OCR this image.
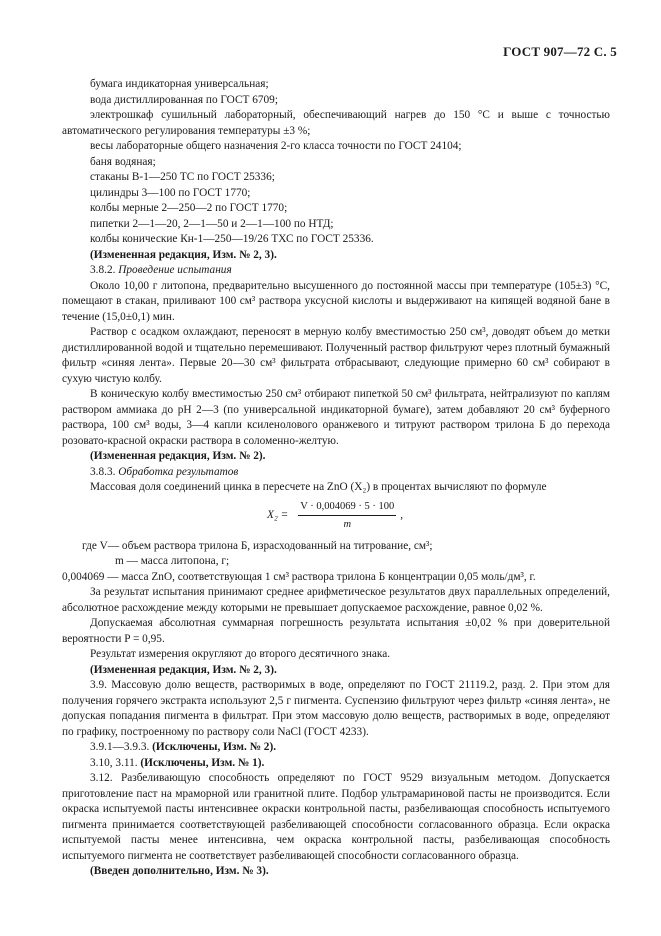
ГОСТ 907—72 С. 5

бумага индикаторная универсальная;

вода дистиллированная по ГОСТ 6709;

электрошкаф сушильный лабораторный, обеспечивающий нагрев до 150 °С и выше с точностью автоматического регулирования температуры ±3 %;

весы лабораторные общего назначения 2-го класса точности по ГОСТ 24104;

баня водяная;

стаканы В-1—250 ТС по ГОСТ 25336;

цилиндры 3—100 по ГОСТ 1770;

колбы мерные 2—250—2 по ГОСТ 1770;

пипетки 2—1—20, 2—1—50 и 2—1—100 по НТД;

колбы конические Кн-1—250—19/26 ТХС по ГОСТ 25336.

(Измененная редакция, Изм. № 2, 3).

3.8.2. Проведение испытания

Около 10,00 г литопона, предварительно высушенного до постоянной массы при температуре (105±3) °С, помещают в стакан, приливают 100 см³ раствора уксусной кислоты и выдерживают на кипящей водяной бане в течение (15,0±0,1) мин.

Раствор с осадком охлаждают, переносят в мерную колбу вместимостью 250 см³, доводят объем до метки дистиллированной водой и тщательно перемешивают. Полученный раствор фильтруют через плотный бумажный фильтр «синяя лента». Первые 20—30 см³ фильтрата отбрасывают, следующие примерно 60 см³ собирают в сухую чистую колбу.

В коническую колбу вместимостью 250 см³ отбирают пипеткой 50 см³ фильтрата, нейтрализуют по каплям раствором аммиака до рН 2—3 (по универсальной индикаторной бумаге), затем добавляют 20 см³ буферного раствора, 100 см³ воды, 3—4 капли ксиленолового оранжевого и титруют раствором трилона Б до перехода розовато-красной окраски раствора в соломенно-желтую.

(Измененная редакция, Изм. № 2).

3.8.3. Обработка результатов

Массовая доля соединений цинка в пересчете на ZnO (X₂) в процентах вычисляют по формуле

$X_2 = \frac{V \cdot 0,004069 \cdot 5 \cdot 100}{m}$ ,

где V— объем раствора трилона Б, израсходованный на титрование, см³;

m — масса литопона, г;

0,004069 — масса ZnO, соответствующая 1 см³ раствора трилона Б концентрации 0,05 моль/дм³, г.

За результат испытания принимают среднее арифметическое результатов двух параллельных определений, абсолютное расхождение между которыми не превышает допускаемое расхождение, равное 0,02 %.

Допускаемая абсолютная суммарная погрешность результата испытания ±0,02 % при доверительной вероятности P = 0,95.

Результат измерения округляют до второго десятичного знака.

(Измененная редакция, Изм. № 2, 3).

3.9. Массовую долю веществ, растворимых в воде, определяют по ГОСТ 21119.2, разд. 2. При этом для получения горячего экстракта используют 2,5 г пигмента. Суспензию фильтруют через фильтр «синяя лента», не допуская попадания пигмента в фильтрат. При этом массовую долю веществ, растворимых в воде, определяют по графику, построенному по раствору соли NaCl (ГОСТ 4233).

3.9.1—3.9.3. (Исключены, Изм. № 2).

3.10, 3.11. (Исключены, Изм. № 1).

3.12. Разбеливающую способность определяют по ГОСТ 9529 визуальным методом. Допускается приготовление паст на мраморной или гранитной плите. Подбор ультрамариновой пасты не производится. Если окраска испытуемой пасты интенсивнее окраски контрольной пасты, разбеливающая способность испытуемого пигмента принимается соответствующей разбеливающей способности согласованного образца. Если окраска испытуемой пасты менее интенсивна, чем окраска контрольной пасты, разбеливающая способность испытуемого пигмента не соответствует разбеливающей способности согласованного образца.

(Введен дополнительно, Изм. № 3).
